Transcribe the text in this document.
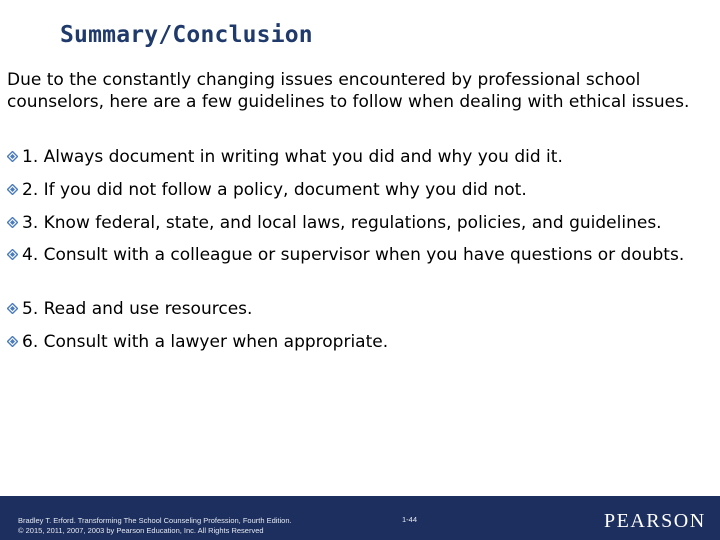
Summary/Conclusion
Due to the constantly changing issues encountered by professional school counselors, here are a few guidelines to follow when dealing with ethical issues.
1. Always document in writing what you did and why you did it.
2. If you did not follow a policy, document why you did not.
3. Know federal, state, and local laws, regulations, policies, and guidelines.
4. Consult with a colleague or supervisor when you have questions or doubts.
5. Read and use resources.
6. Consult with a lawyer when appropriate.
Bradley T. Erford. Transforming The School Counseling Profession, Fourth Edition.
© 2015, 2011, 2007, 2003 by Pearson Education, Inc. All Rights Reserved
1-44	PEARSON
